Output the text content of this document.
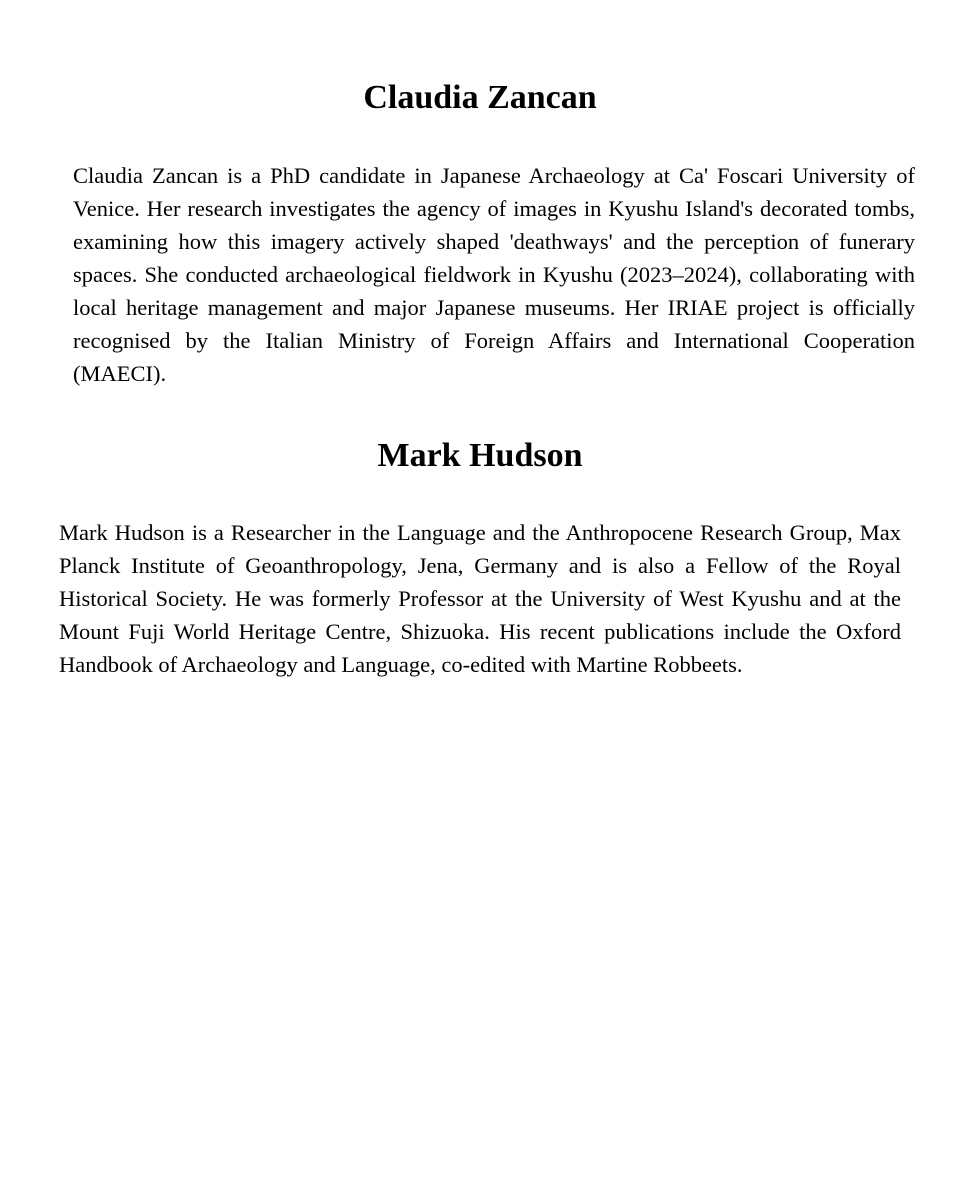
Claudia Zancan

Claudia Zancan is a PhD candidate in Japanese Archaeology at Ca' Foscari University of Venice. Her research investigates the agency of images in Kyushu Island's decorated tombs, examining how this imagery actively shaped 'deathways' and the perception of funerary spaces. She conducted archaeological fieldwork in Kyushu (2023–2024), collaborating with local heritage management and major Japanese museums. Her IRIAE project is officially recognised by the Italian Ministry of Foreign Affairs and International Cooperation (MAECI).

Mark Hudson

Mark Hudson is a Researcher in the Language and the Anthropocene Research Group, Max Planck Institute of Geoanthropology, Jena, Germany and is also a Fellow of the Royal Historical Society. He was formerly Professor at the University of West Kyushu and at the Mount Fuji World Heritage Centre, Shizuoka. His recent publications include the Oxford Handbook of Archaeology and Language, co-edited with Martine Robbeets.
